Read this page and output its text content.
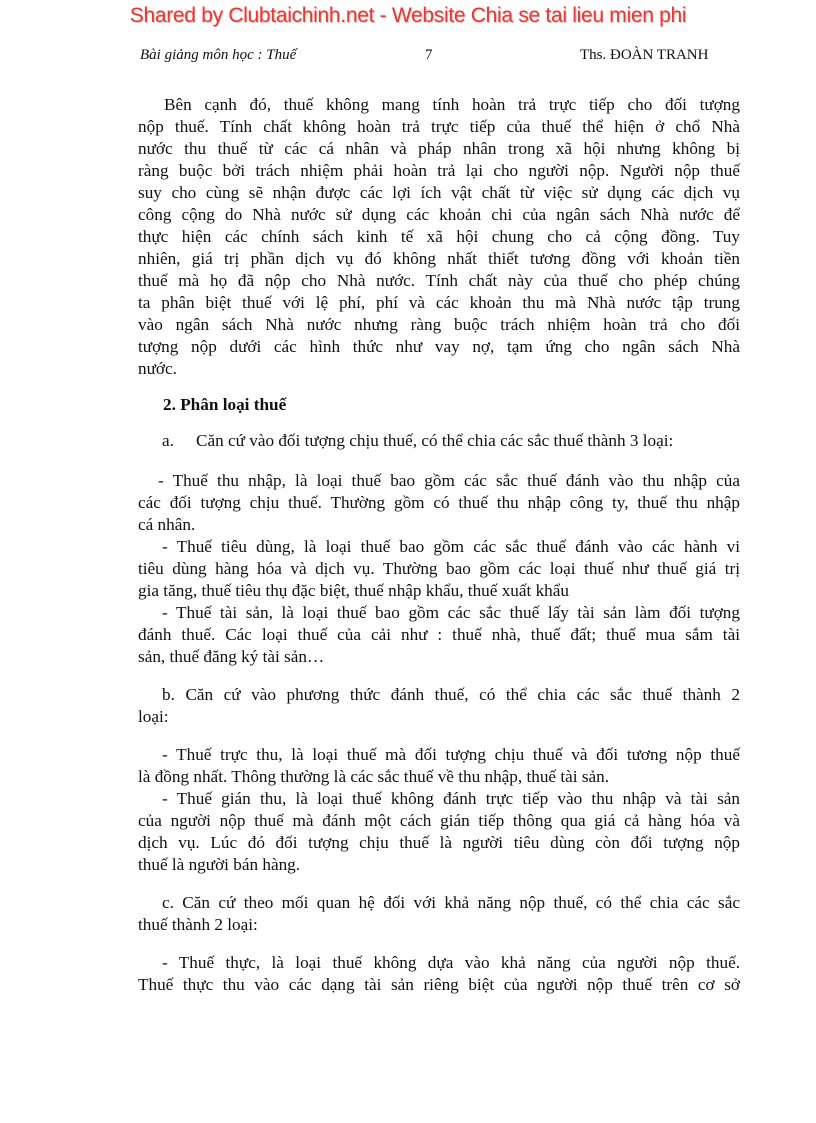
Shared by Clubtaichinh.net - Website Chia se tai lieu mien phi
Bài giảng môn học : Thuế	7	Ths. ĐOÀN TRANH

Bên cạnh đó, thuế không mang tính hoàn trả trực tiếp cho đối tượng
nộp thuế. Tính chất không hoàn trả trực tiếp của thuế thể hiện ở chổ Nhà
nước thu thuế từ các cá nhân và pháp nhân trong xã hội nhưng không bị
ràng buộc bởi trách nhiệm phải hoàn trả lại cho người nộp. Người nộp thuế
suy cho cùng sẽ nhận được các lợi ích vật chất từ việc sử dụng các dịch vụ
công cộng do Nhà nước sử dụng các khoản chi của ngân sách Nhà nước để
thực hiện các chính sách kinh tế xã hội chung cho cả cộng đồng. Tuy
nhiên, giá trị phần dịch vụ đó không nhất thiết tương đồng với khoản tiền
thuế mà họ đã nộp cho Nhà nước. Tính chất này của thuế cho phép chúng
ta phân biệt thuế với lệ phí, phí và các khoản thu mà Nhà nước tập trung
vào ngân sách Nhà nước nhưng ràng buộc trách nhiệm hoàn trả cho đối
tượng nộp dưới các hình thức như vay nợ, tạm ứng cho ngân sách Nhà
nước.

2. Phân loại thuế

a. Căn cứ vào đối tượng chịu thuế, có thể chia các sắc thuế thành 3 loại:

- Thuế thu nhập, là loại thuế bao gồm các sắc thuế đánh vào thu nhập của
các đối tượng chịu thuế. Thường gồm có thuế thu nhập công ty, thuế thu nhập
cá nhân.
- Thuế tiêu dùng, là loại thuế bao gồm các sắc thuế đánh vào các hành vi
tiêu dùng hàng hóa và dịch vụ. Thường bao gồm các loại thuế như thuế giá trị
gia tăng, thuế tiêu thụ đặc biệt, thuế nhập khẩu, thuế xuất khẩu
- Thuế tài sản, là loại thuế bao gồm các sắc thuế lấy tài sản làm đối tượng
đánh thuế. Các loại thuế của cải như : thuế nhà, thuế đất; thuế mua sắm tài
sản, thuế đăng ký tài sản…
b. Căn cứ vào phương thức đánh thuế, có thể chia các sắc thuế thành 2
loại:
- Thuế trực thu, là loại thuế mà đối tượng chịu thuế và đối tương nộp thuế
là đồng nhất. Thông thường là các sắc thuế về thu nhập, thuế tài sản.
- Thuế gián thu, là loại thuế không đánh trực tiếp vào thu nhập và tài sản
của người nộp thuế mà đánh một cách gián tiếp thông qua giá cả hàng hóa và
dịch vụ. Lúc đó đối tượng chịu thuế là người tiêu dùng còn đối tượng nộp
thuế là người bán hàng.
c. Căn cứ theo mối quan hệ đối với khả năng nộp thuế, có thể chia các sắc
thuế thành 2 loại:
- Thuế thực, là loại thuế không dựa vào khả năng của người nộp thuế.
Thuế thực thu vào các dạng tài sản riêng biệt của người nộp thuế trên cơ sở
